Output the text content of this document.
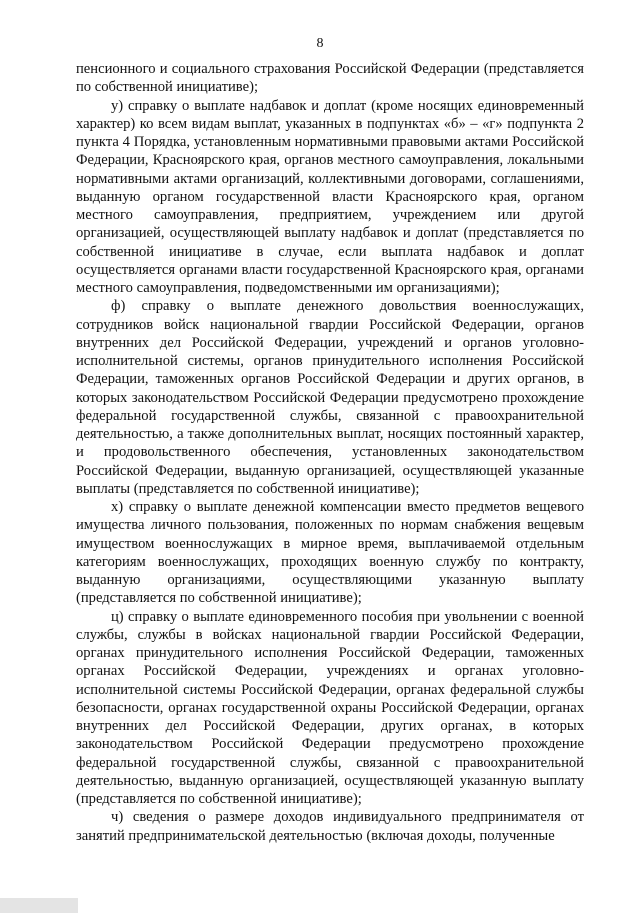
8

пенсионного и социального страхования Российской Федерации (представляется по собственной инициативе);

у) справку о выплате надбавок и доплат (кроме носящих единовременный характер) ко всем видам выплат, указанных в подпунктах «б» – «г» подпункта 2 пункта 4 Порядка, установленным нормативными правовыми актами Российской Федерации, Красноярского края, органов местного самоуправления, локальными нормативными актами организаций, коллективными договорами, соглашениями, выданную органом государственной власти Красноярского края, органом местного самоуправления, предприятием, учреждением или другой организацией, осуществляющей выплату надбавок и доплат (представляется по собственной инициативе в случае, если выплата надбавок и доплат осуществляется органами власти государственной Красноярского края, органами местного самоуправления, подведомственными им организациями);

ф) справку о выплате денежного довольствия военнослужащих, сотрудников войск национальной гвардии Российской Федерации, органов внутренних дел Российской Федерации, учреждений и органов уголовно-исполнительной системы, органов принудительного исполнения Российской Федерации, таможенных органов Российской Федерации и других органов, в которых законодательством Российской Федерации предусмотрено прохождение федеральной государственной службы, связанной с правоохранительной деятельностью, а также дополнительных выплат, носящих постоянный характер, и продовольственного обеспечения, установленных законодательством Российской Федерации, выданную организацией, осуществляющей указанные выплаты (представляется по собственной инициативе);

х) справку о выплате денежной компенсации вместо предметов вещевого имущества личного пользования, положенных по нормам снабжения вещевым имуществом военнослужащих в мирное время, выплачиваемой отдельным категориям военнослужащих, проходящих военную службу по контракту, выданную организациями, осуществляющими указанную выплату (представляется по собственной инициативе);

ц) справку о выплате единовременного пособия при увольнении с военной службы, службы в войсках национальной гвардии Российской Федерации, органах принудительного исполнения Российской Федерации, таможенных органах Российской Федерации, учреждениях и органах уголовно-исполнительной системы Российской Федерации, органах федеральной службы безопасности, органах государственной охраны Российской Федерации, органах внутренних дел Российской Федерации, других органах, в которых законодательством Российской Федерации предусмотрено прохождение федеральной государственной службы, связанной с правоохранительной деятельностью, выданную организацией, осуществляющей указанную выплату (представляется по собственной инициативе);

ч) сведения о размере доходов индивидуального предпринимателя от занятий предпринимательской деятельностью (включая доходы, полученные
